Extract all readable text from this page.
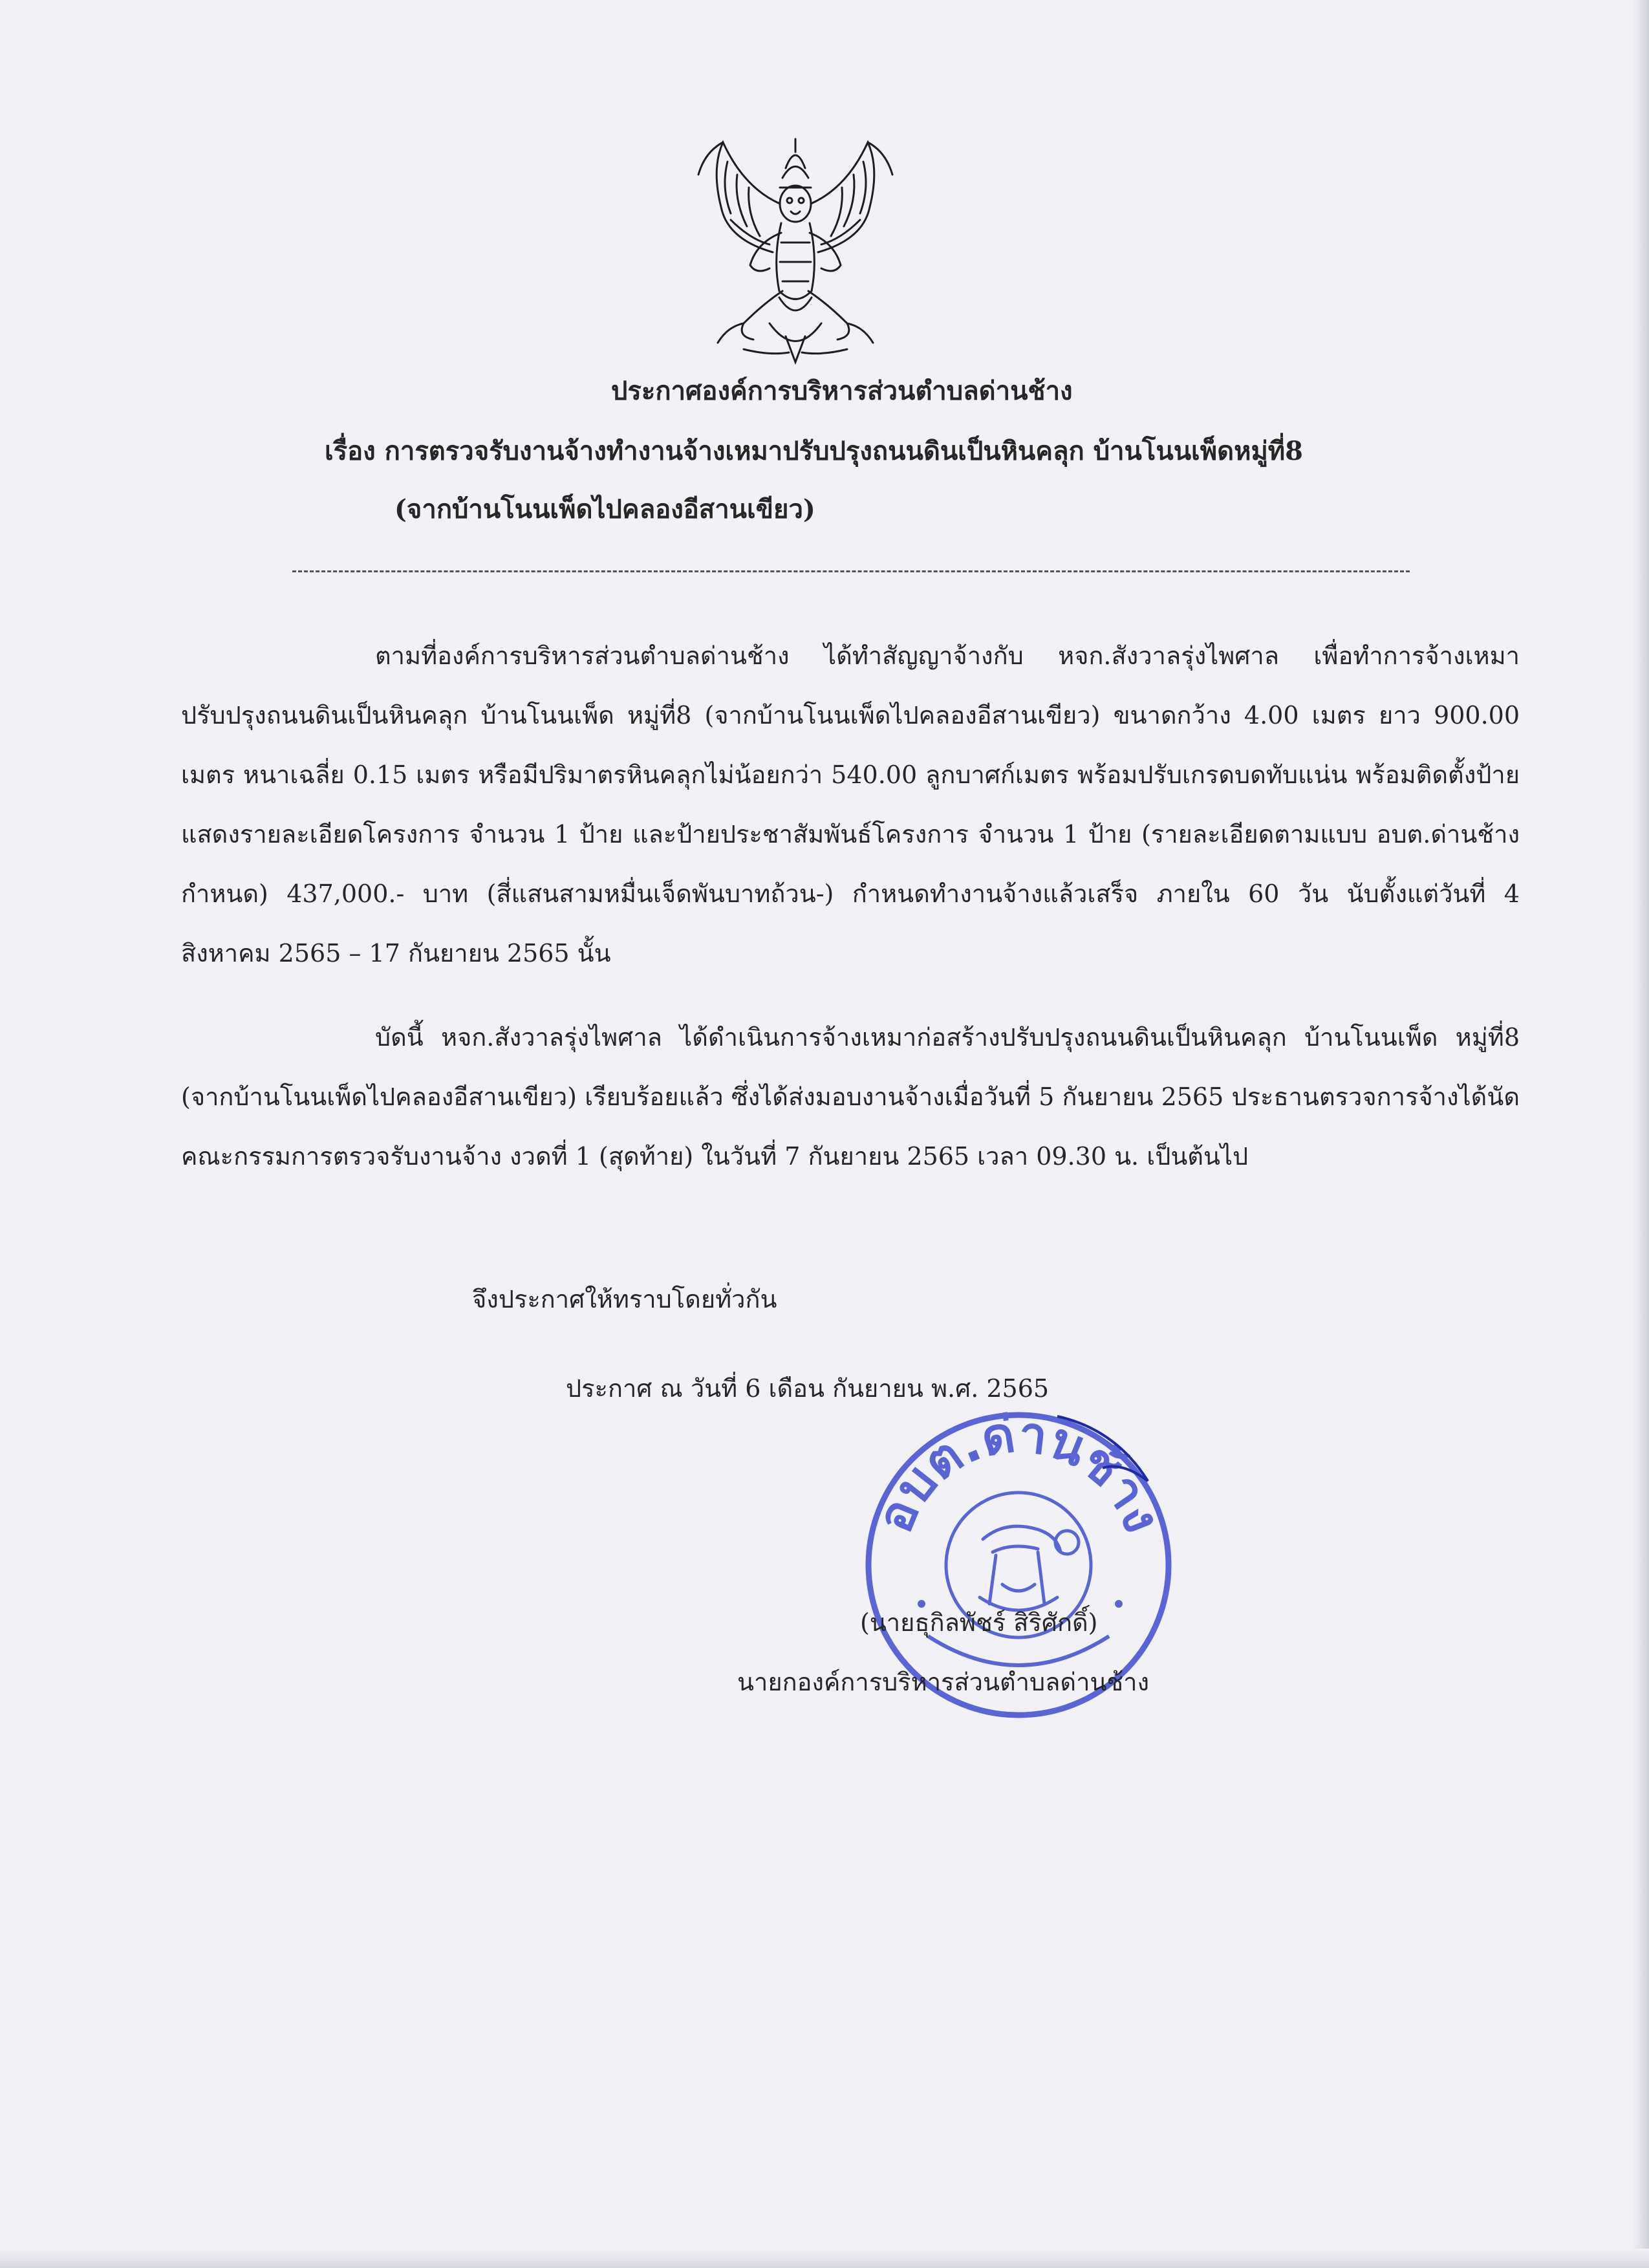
ประกาศองค์การบริหารส่วนตำบลด่านช้าง
เรื่อง การตรวจรับงานจ้างทำงานจ้างเหมาปรับปรุงถนนดินเป็นหินคลุก บ้านโนนเพ็ดหมู่ที่8
(จากบ้านโนนเพ็ดไปคลองอีสานเขียว)
ตามที่องค์การบริหารส่วนตำบลด่านช้าง ได้ทำสัญญาจ้างกับ หจก.สังวาลรุ่งไพศาล เพื่อทำการจ้างเหมาปรับปรุงถนนดินเป็นหินคลุก บ้านโนนเพ็ด หมู่ที่8 (จากบ้านโนนเพ็ดไปคลองอีสานเขียว) ขนาดกว้าง 4.00 เมตร ยาว 900.00 เมตร หนาเฉลี่ย 0.15 เมตร หรือมีปริมาตรหินคลุกไม่น้อยกว่า 540.00 ลูกบาศก์เมตร พร้อมปรับเกรดบดทับแน่น พร้อมติดตั้งป้ายแสดงรายละเอียดโครงการ จำนวน 1 ป้าย และป้ายประชาสัมพันธ์โครงการ จำนวน 1 ป้าย (รายละเอียดตามแบบ อบต.ด่านช้างกำหนด) 437,000.- บาท (สี่แสนสามหมื่นเจ็ดพันบาทถ้วน-) กำหนดทำงานจ้างแล้วเสร็จ ภายใน 60 วัน นับตั้งแต่วันที่ 4 สิงหาคม 2565 – 17 กันยายน 2565 นั้น
บัดนี้ หจก.สังวาลรุ่งไพศาล ได้ดำเนินการจ้างเหมาก่อสร้างปรับปรุงถนนดินเป็นหินคลุก บ้านโนนเพ็ด หมู่ที่8 (จากบ้านโนนเพ็ดไปคลองอีสานเขียว) เรียบร้อยแล้ว ซึ่งได้ส่งมอบงานจ้างเมื่อวันที่ 5 กันยายน 2565 ประธานตรวจการจ้างได้นัดคณะกรรมการตรวจรับงานจ้าง งวดที่ 1 (สุดท้าย) ในวันที่ 7 กันยายน 2565 เวลา 09.30 น. เป็นต้นไป
จึงประกาศให้ทราบโดยทั่วกัน
ประกาศ ณ วันที่ 6 เดือน กันยายน พ.ศ. 2565
อบต.ด่านช้าง
(นายธุกิลพัชร์ สิริศักดิ์)
นายกองค์การบริหารส่วนตำบลด่านช้าง
